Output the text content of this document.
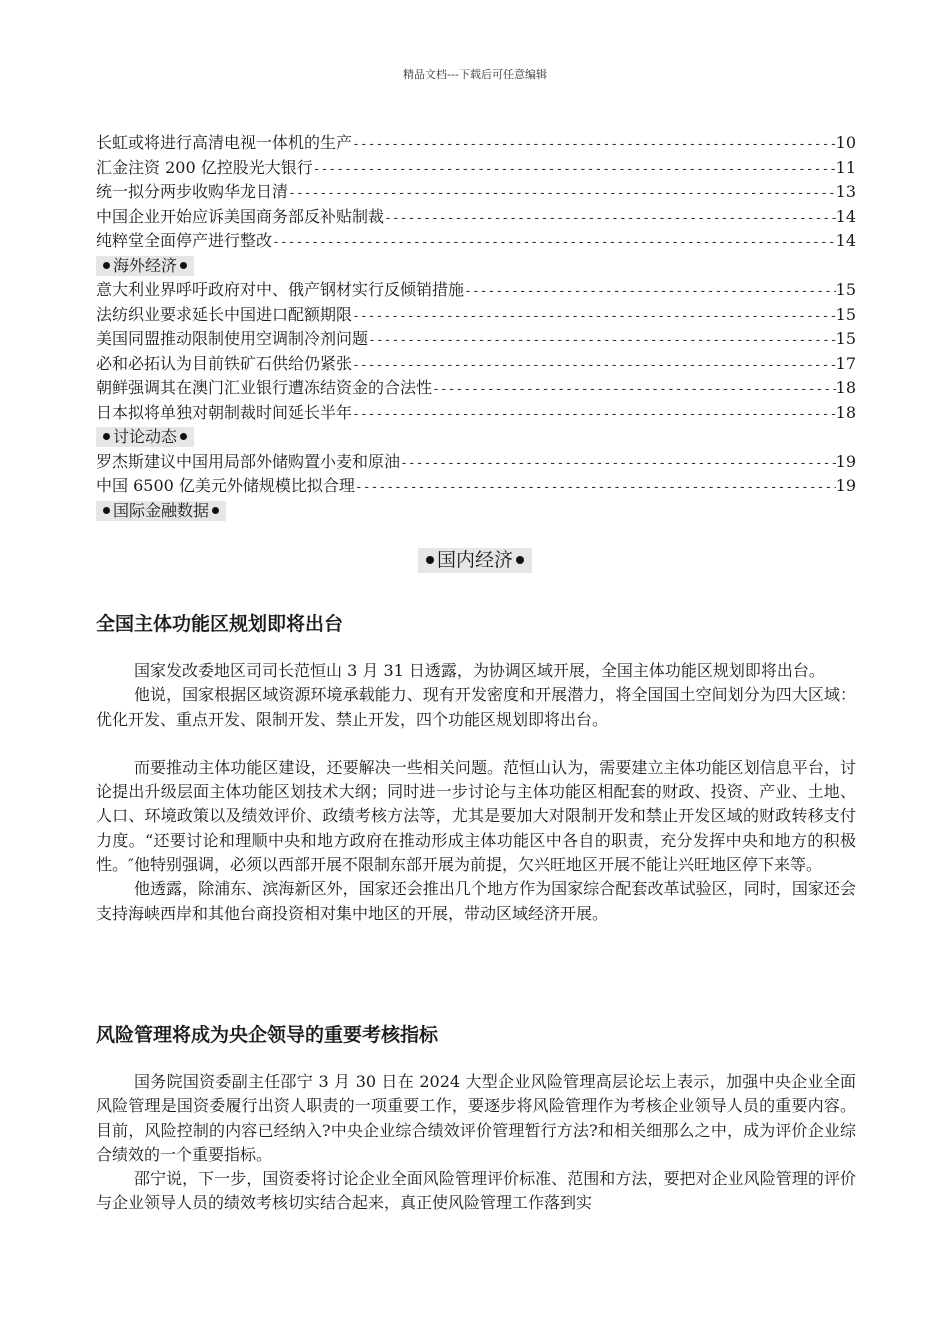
精品文档---下载后可任意编辑
长虹或将进行高清电视一体机的生产 -----	10
汇金注资 200 亿控股光大银行 -----	11
统一拟分两步收购华龙日清 -----	13
中国企业开始应诉美国商务部反补贴制裁 -----	14
纯粹堂全面停产进行整改 -----	14
海外经济
意大利业界呼吁政府对中、俄产钢材实行反倾销措施 -----	15
法纺织业要求延长中国进口配额期限 -----	15
美国同盟推动限制使用空调制冷剂问题 -----	15
必和必拓认为目前铁矿石供给仍紧张 -----	17
朝鲜强调其在澳门汇业银行遭冻结资金的合法性 -----	18
日本拟将单独对朝制裁时间延长半年 -----	18
讨论动态
罗杰斯建议中国用局部外储购置小麦和原油 -----	19
中国 6500 亿美元外储规模比拟合理 -----	19
国际金融数据
国内经济
全国主体功能区规划即将出台

国家发改委地区司司长范恒山 3 月 31 日透露，为协调区域开展，全国主体功能区规划即将出台。

他说，国家根据区域资源环境承载能力、现有开发密度和开展潜力，将全国国土空间划分为四大区域：优化开发、重点开发、限制开发、禁止开发，四个功能区规划即将出台。

而要推动主体功能区建设，还要解决一些相关问题。范恒山认为，需要建立主体功能区划信息平台，讨论提出升级层面主体功能区划技术大纲；同时进一步讨论与主体功能区相配套的财政、投资、产业、土地、人口、环境政策以及绩效评价、政绩考核方法等，尤其是要加大对限制开发和禁止开发区域的财政转移支付力度。“还要讨论和理顺中央和地方政府在推动形成主体功能区中各自的职责，充分发挥中央和地方的积极性。″他特别强调，必须以西部开展不限制东部开展为前提，欠兴旺地区开展不能让兴旺地区停下来等。

他透露，除浦东、滨海新区外，国家还会推出几个地方作为国家综合配套改革试验区，同时，国家还会支持海峡西岸和其他台商投资相对集中地区的开展，带动区域经济开展。

风险管理将成为央企领导的重要考核指标

国务院国资委副主任邵宁 3 月 30 日在 2024 大型企业风险管理高层论坛上表示，加强中央企业全面风险管理是国资委履行出资人职责的一项重要工作，要逐步将风险管理作为考核企业领导人员的重要内容。目前，风险控制的内容已经纳入?中央企业综合绩效评价管理暂行方法?和相关细那么之中，成为评价企业综合绩效的一个重要指标。

邵宁说，下一步，国资委将讨论企业全面风险管理评价标准、范围和方法，要把对企业风险管理的评价与企业领导人员的绩效考核切实结合起来，真正使风险管理工作落到实
